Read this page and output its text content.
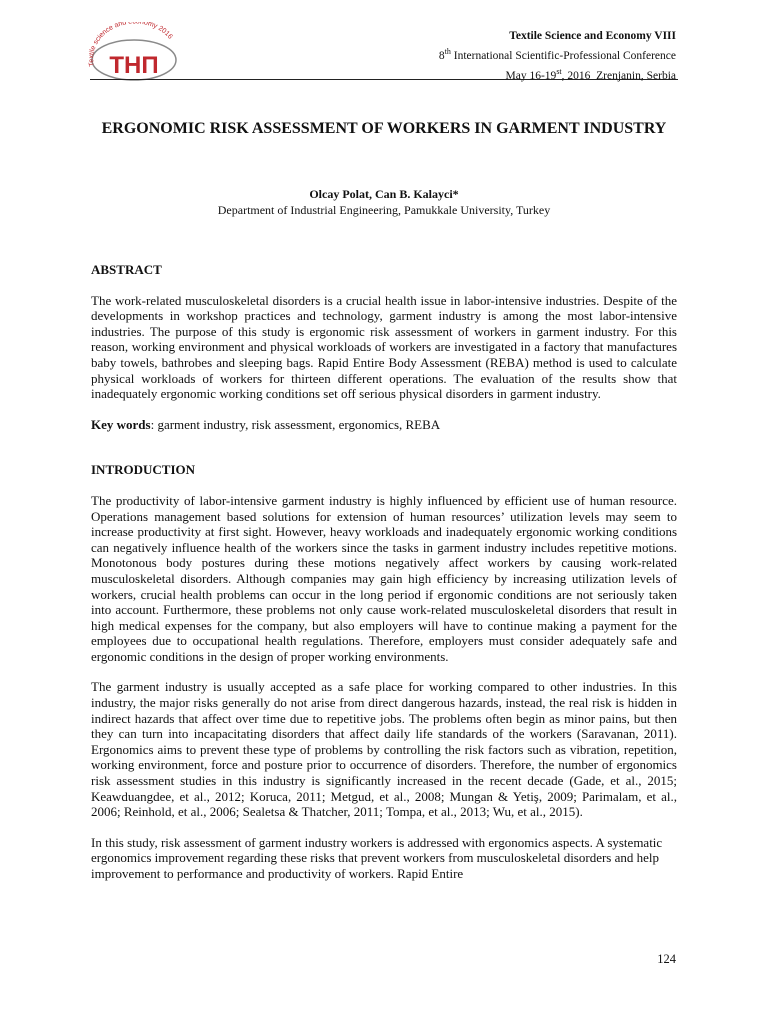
Textile science and e onomy 2016
THП
Textile Science and Economy VIII
8th International Scientific-Professional Conference
May 16-19st, 2016  Zrenjanin, Serbia
ERGONOMIC RISK ASSESSMENT OF WORKERS IN GARMENT INDUSTRY
Olcay Polat, Can B. Kalayci*
Department of Industrial Engineering, Pamukkale University, Turkey
ABSTRACT

The work-related musculoskeletal disorders is a crucial health issue in labor-intensive industries. Despite of the developments in workshop practices and technology, garment industry is among the most labor-intensive industries. The purpose of this study is ergonomic risk assessment of workers in garment industry. For this reason, working environment and physical workloads of workers are investigated in a factory that manufactures baby towels, bathrobes and sleeping bags. Rapid Entire Body Assessment (REBA) method is used to calculate physical workloads of workers for thirteen different operations. The evaluation of the results show that inadequately ergonomic working conditions set off serious physical disorders in garment industry.

Key words: garment industry, risk assessment, ergonomics, REBA

INTRODUCTION

The productivity of labor-intensive garment industry is highly influenced by efficient use of human resource. Operations management based solutions for extension of human resources’ utilization levels may seem to increase productivity at first sight. However, heavy workloads and inadequately ergonomic working conditions can negatively influence health of the workers since the tasks in garment industry includes repetitive motions. Monotonous body postures during these motions negatively affect workers by causing work-related musculoskeletal disorders. Although companies may gain high efficiency by increasing utilization levels of workers, crucial health problems can occur in the long period if ergonomic conditions are not seriously taken into account. Furthermore, these problems not only cause work-related musculoskeletal disorders that result in high medical expenses for the company, but also employers will have to continue making a payment for the employees due to occupational health regulations. Therefore, employers must consider adequately safe and ergonomic conditions in the design of proper working environments.

The garment industry is usually accepted as a safe place for working compared to other industries. In this industry, the major risks generally do not arise from direct dangerous hazards, instead, the real risk is hidden in indirect hazards that affect over time due to repetitive jobs. The problems often begin as minor pains, but then they can turn into incapacitating disorders that affect daily life standards of the workers (Saravanan, 2011). Ergonomics aims to prevent these type of problems by controlling the risk factors such as vibration, repetition, working environment, force and posture prior to occurrence of disorders. Therefore, the number of ergonomics risk assessment studies in this industry is significantly increased in the recent decade (Gade, et al., 2015; Keawduangdee, et al., 2012; Koruca, 2011; Metgud, et al., 2008; Mungan & Yetiş, 2009; Parimalam, et al., 2006; Reinhold, et al., 2006; Sealetsa & Thatcher, 2011; Tompa, et al., 2013; Wu, et al., 2015).

In this study, risk assessment of garment industry workers is addressed with ergonomics aspects. A systematic ergonomics improvement regarding these risks that prevent workers from musculoskeletal disorders and help improvement to performance and productivity of workers. Rapid Entire

124
